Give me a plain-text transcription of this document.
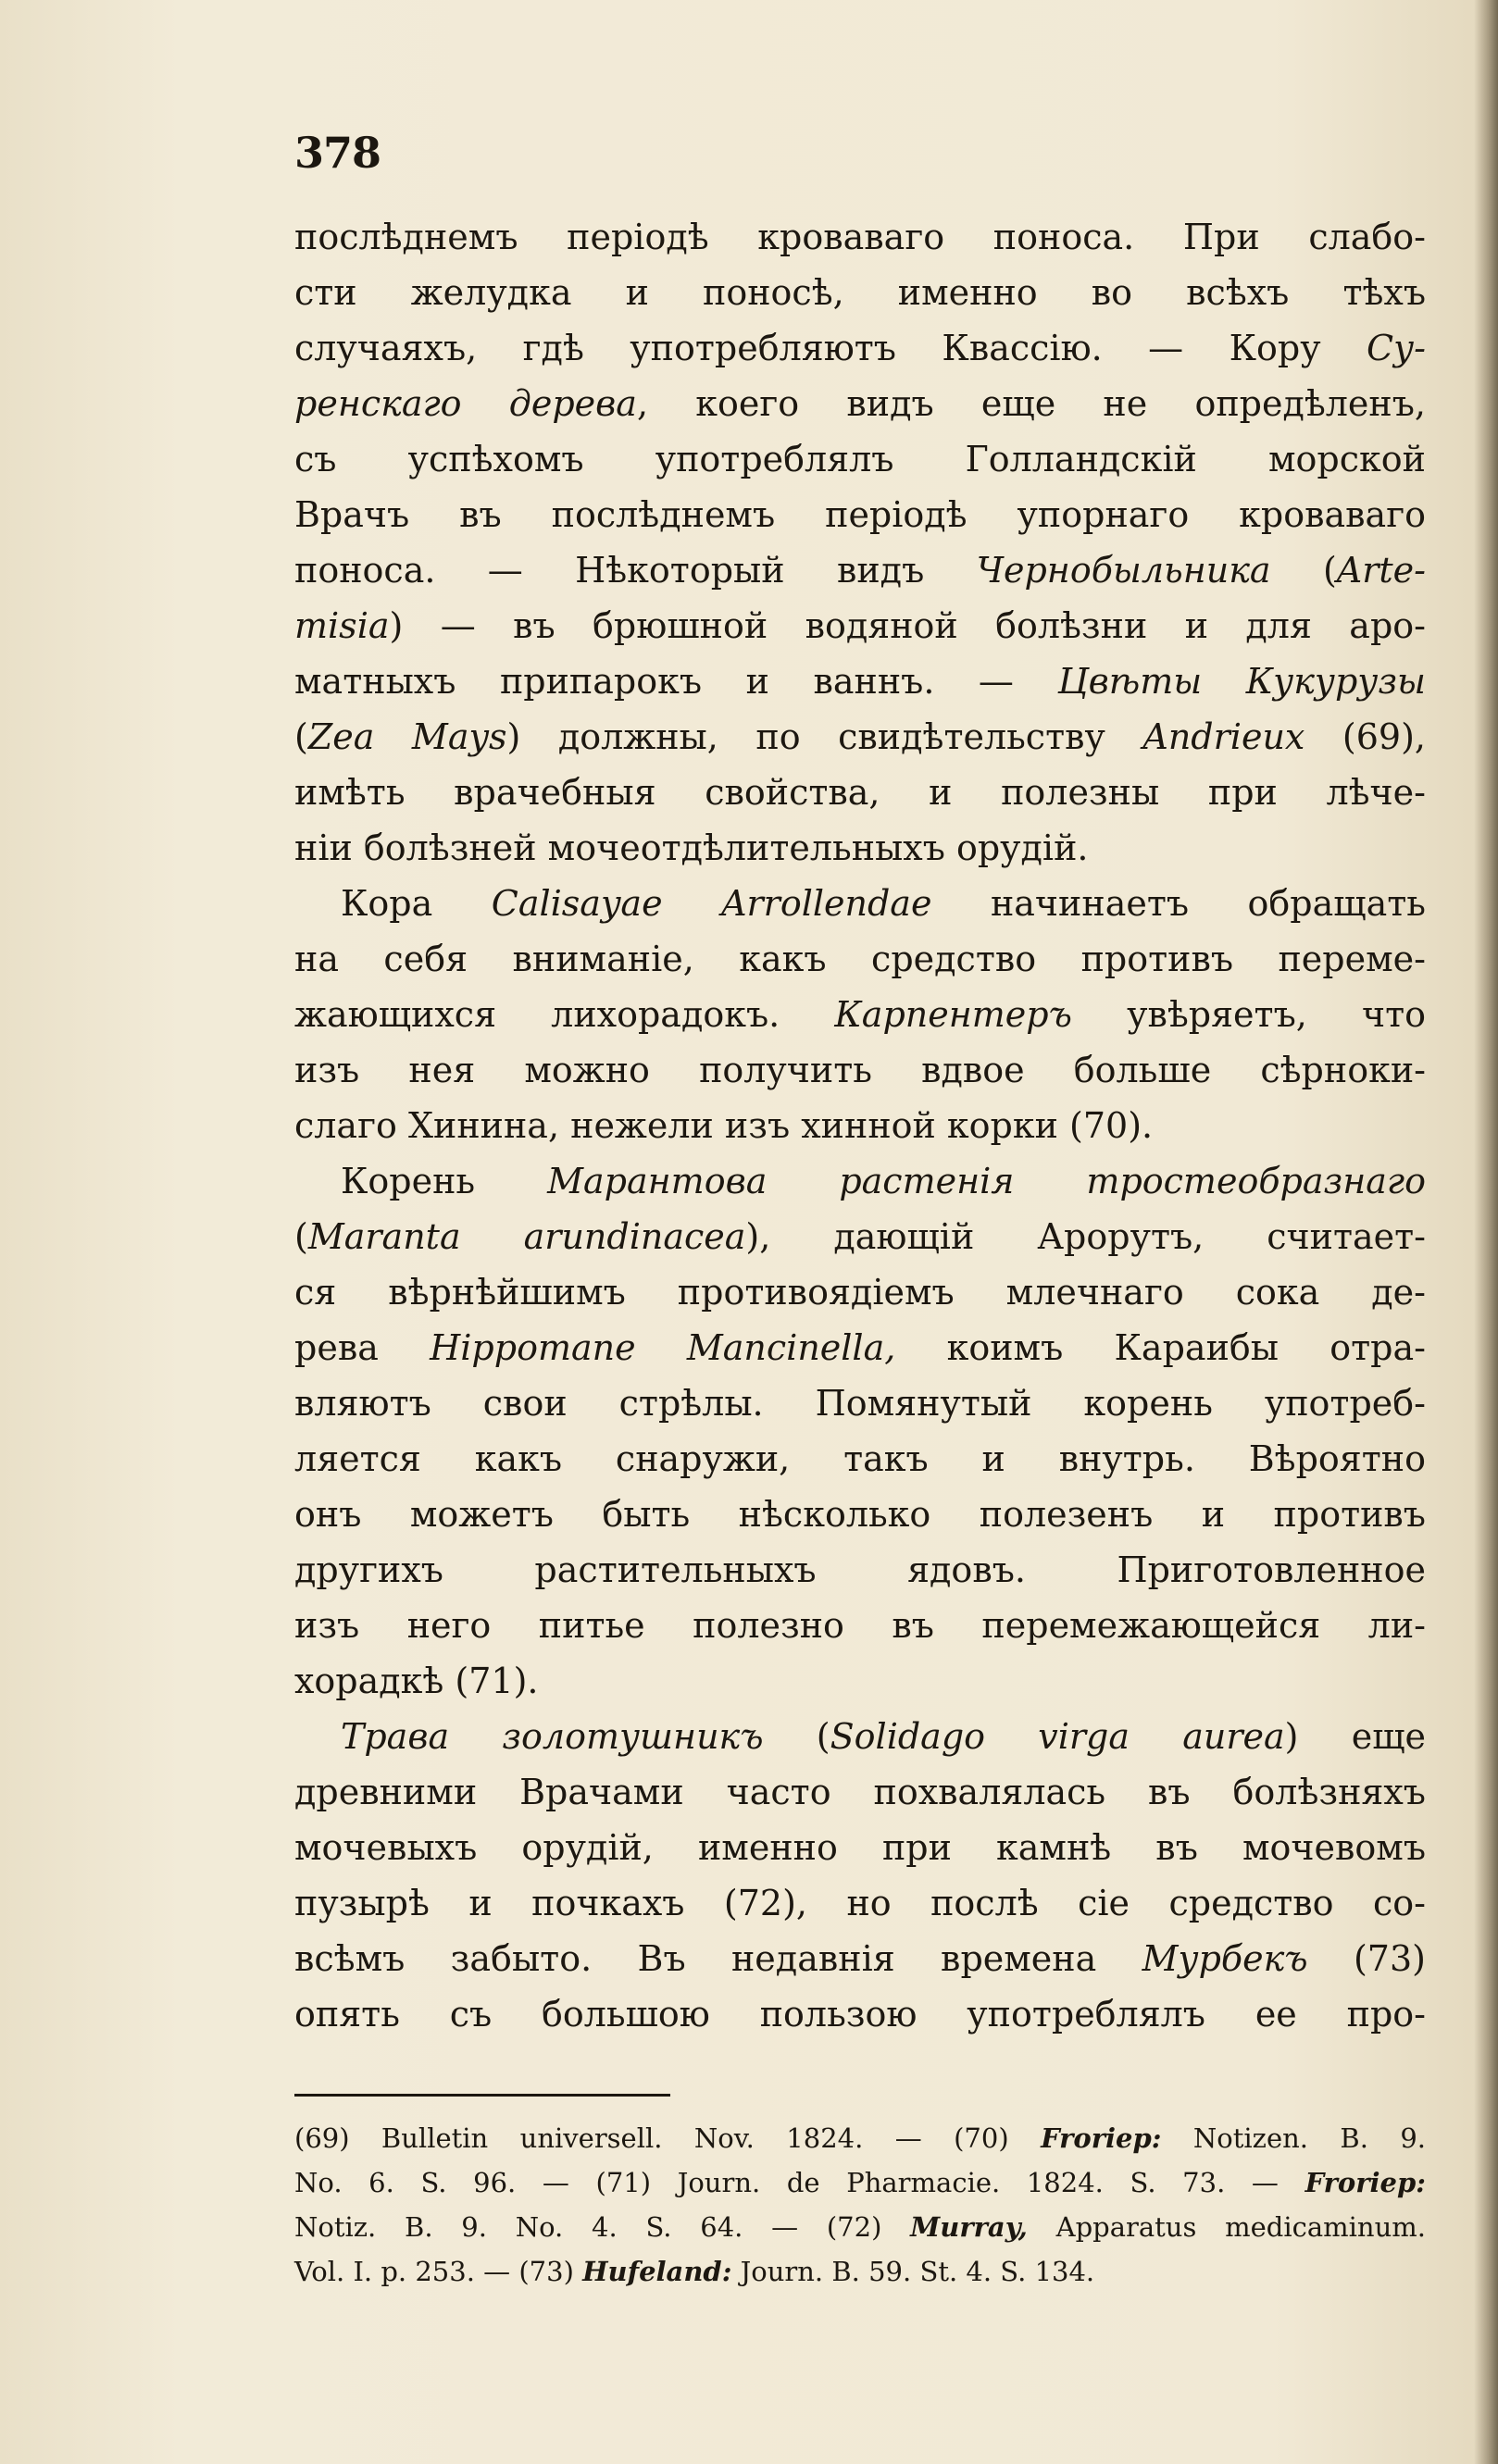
378
послѣднемъ періодѣ кроваваго поноса. При слабо-
сти желудка и поносѣ, именно во всѣхъ тѣхъ
случаяхъ, гдѣ употребляютъ Квассію. — Кору Су-
ренскаго дерева, коего видъ еще не опредѣленъ,
съ успѣхомъ употреблялъ Голландскій морской
Врачъ въ послѣднемъ періодѣ упорнаго кроваваго
поноса. — Нѣкоторый видъ Чернобыльника (Arte-
misia) — въ брюшной водяной болѣзни и для аро-
матныхъ припарокъ и ваннъ. — Цвѣты Кукурузы
(Zea Mays) должны, по свидѣтельству Andrieux (69),
имѣть врачебныя свойства, и полезны при лѣче-
ніи болѣзней мочеотдѣлительныхъ орудій.
Кора Calisayae Arrollendae начинаетъ обращать
на себя вниманіе, какъ средство противъ переме-
жающихся лихорадокъ. Карпентеръ увѣряетъ, что
изъ нея можно получить вдвое больше сѣрноки-
слаго Хинина, нежели изъ хинной корки (70).
Корень Марантова растенія тростеобразнаго
(Maranta arundinacea), дающій Арорутъ, считает-
ся вѣрнѣйшимъ противоядіемъ млечнаго сока де-
рева Hippomane Mancinella, коимъ Караибы отра-
вляютъ свои стрѣлы. Помянутый корень употреб-
ляется какъ снаружи, такъ и внутрь. Вѣроятно
онъ можетъ быть нѣсколько полезенъ и противъ
другихъ растительныхъ ядовъ. Приготовленное
изъ него питье полезно въ перемежающейся ли-
хорадкѣ (71).
Трава золотушникъ (Solidago virga aurea) еще
древними Врачами часто похвалялась въ болѣзняхъ
мочевыхъ орудій, именно при камнѣ въ мочевомъ
пузырѣ и почкахъ (72), но послѣ сіе средство со-
всѣмъ забыто. Въ недавнія времена Мурбекъ (73)
опять съ большою пользою употреблялъ ее про-
(69) Bulletin universell. Nov. 1824. — (70) Froriep: Notizen. B. 9.
No. 6. S. 96. — (71) Journ. de Pharmacie. 1824. S. 73. — Froriep:
Notiz. B. 9. No. 4. S. 64. — (72) Murray, Apparatus medicaminum.
Vol. I. p. 253. — (73) Hufeland: Journ. B. 59. St. 4. S. 134.
